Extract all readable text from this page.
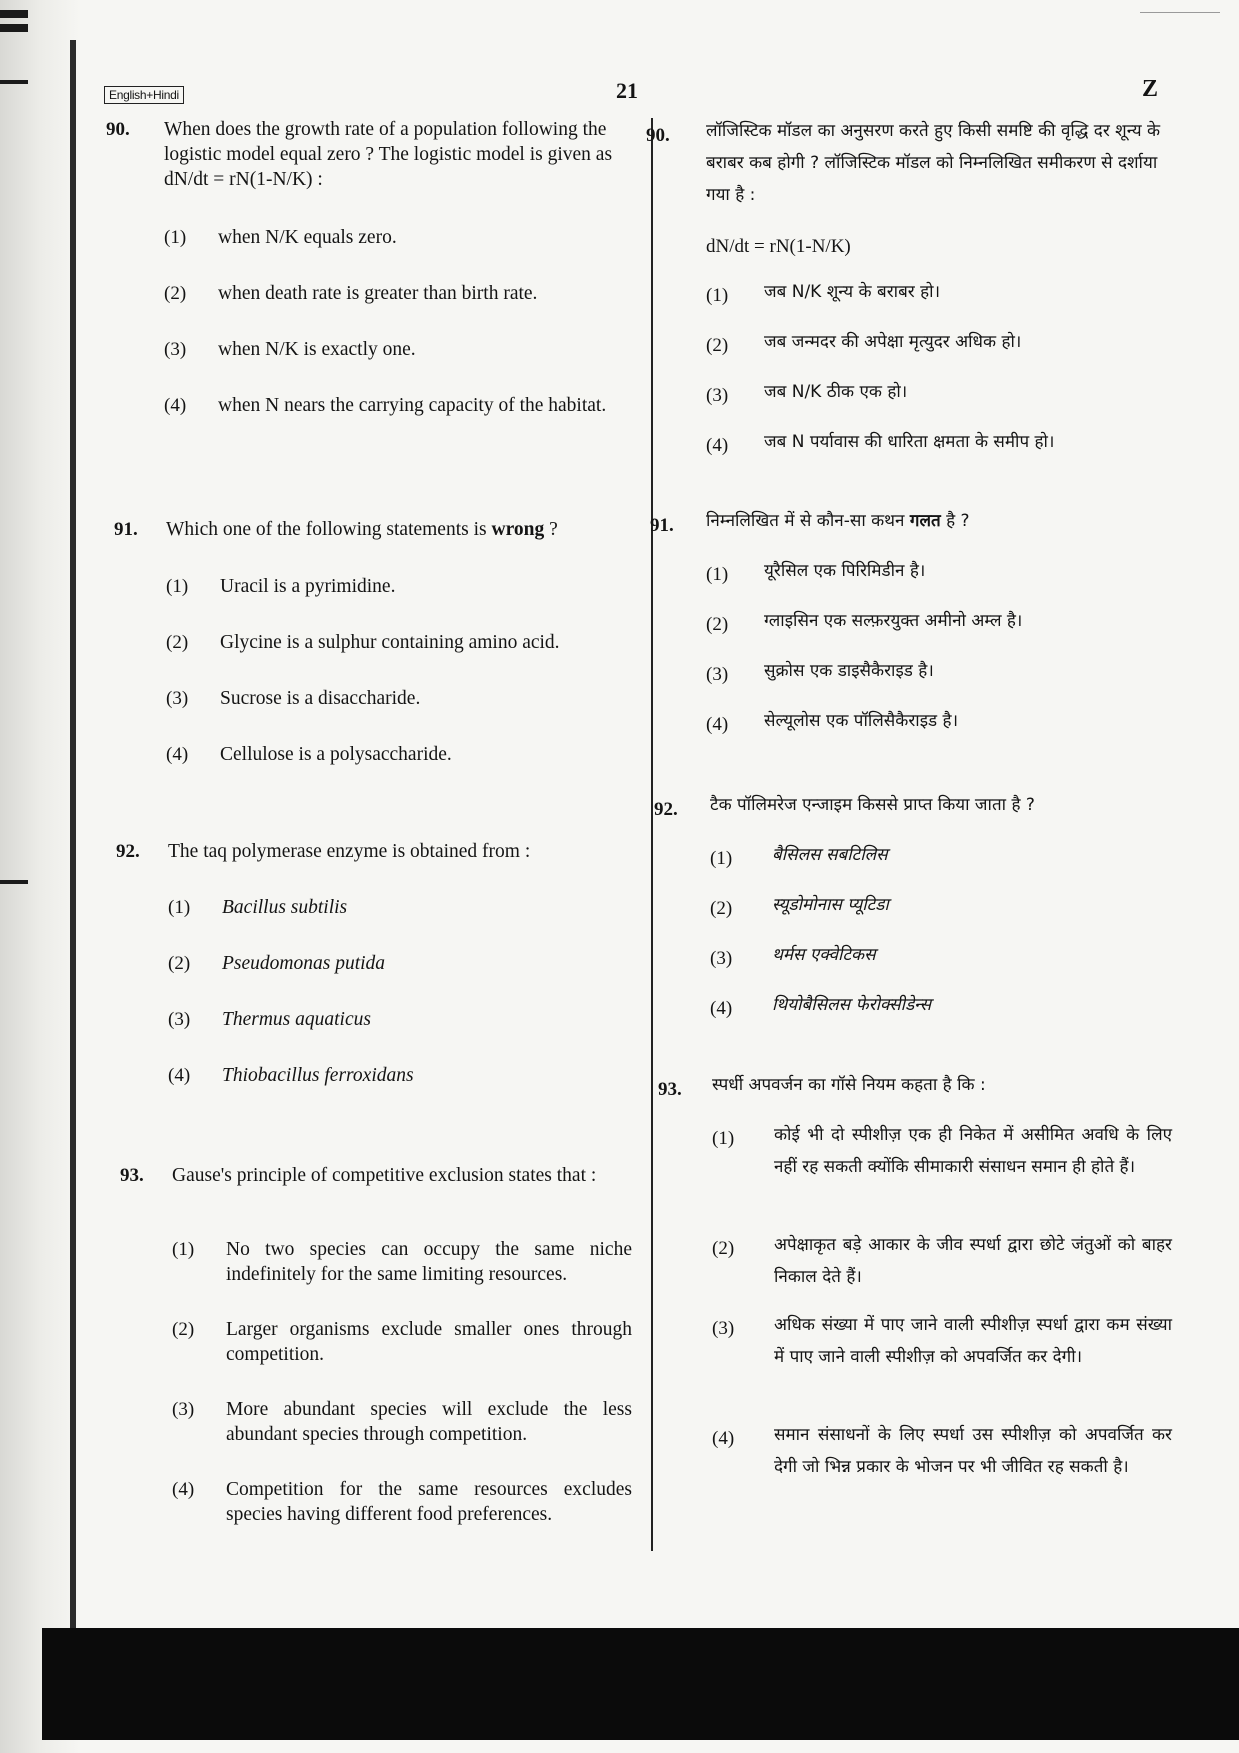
English+Hindi	21	Z
90. When does the growth rate of a population following the logistic model equal zero ? The logistic model is given as dN/dt = rN(1-N/K) :

(1) when N/K equals zero.
(2) when death rate is greater than birth rate.
(3) when N/K is exactly one.
(4) when N nears the carrying capacity of the habitat.
91. Which one of the following statements is wrong ?

(1) Uracil is a pyrimidine.
(2) Glycine is a sulphur containing amino acid.
(3) Sucrose is a disaccharide.
(4) Cellulose is a polysaccharide.
92. The taq polymerase enzyme is obtained from :

(1) Bacillus subtilis
(2) Pseudomonas putida
(3) Thermus aquaticus
(4) Thiobacillus ferroxidans
93. Gause's principle of competitive exclusion states that :

(1) No two species can occupy the same niche indefinitely for the same limiting resources.
(2) Larger organisms exclude smaller ones through competition.
(3) More abundant species will exclude the less abundant species through competition.
(4) Competition for the same resources excludes species having different food preferences.
90. लॉजिस्टिक मॉडल का अनुसरण करते हुए किसी समष्टि की वृद्धि दर शून्य के बराबर कब होगी ? लॉजिस्टिक मॉडल को निम्नलिखित समीकरण से दर्शाया गया है :

dN/dt = rN(1-N/K)
(1) जब N/K शून्य के बराबर हो।
(2) जब जन्मदर की अपेक्षा मृत्युदर अधिक हो।
(3) जब N/K ठीक एक हो।
(4) जब N पर्यावास की धारिता क्षमता के समीप हो।
91. निम्नलिखित में से कौन-सा कथन गलत है ?

(1) यूरैसिल एक पिरिमिडीन है।
(2) ग्लाइसिन एक सल्फ़रयुक्त अमीनो अम्ल है।
(3) सुक्रोस एक डाइसैकैराइड है।
(4) सेल्यूलोस एक पॉलिसैकैराइड है।
92. टैक पॉलिमरेज एन्जाइम किससे प्राप्त किया जाता है ?

(1) बैसिलस सबटिलिस
(2) स्यूडोमोनास प्यूटिडा
(3) थर्मस एक्वेटिकस
(4) थियोबैसिलस फेरोक्सीडेन्स
93. स्पर्धी अपवर्जन का गॉसे नियम कहता है कि :

(1) कोई भी दो स्पीशीज़ एक ही निकेत में असीमित अवधि के लिए नहीं रह सकती क्योंकि सीमाकारी संसाधन समान ही होते हैं।
(2) अपेक्षाकृत बड़े आकार के जीव स्पर्धा द्वारा छोटे जंतुओं को बाहर निकाल देते हैं।
(3) अधिक संख्या में पाए जाने वाली स्पीशीज़ स्पर्धा द्वारा कम संख्या में पाए जाने वाली स्पीशीज़ को अपवर्जित कर देगी।
(4) समान संसाधनों के लिए स्पर्धा उस स्पीशीज़ को अपवर्जित कर देगी जो भिन्न प्रकार के भोजन पर भी जीवित रह सकती है।
